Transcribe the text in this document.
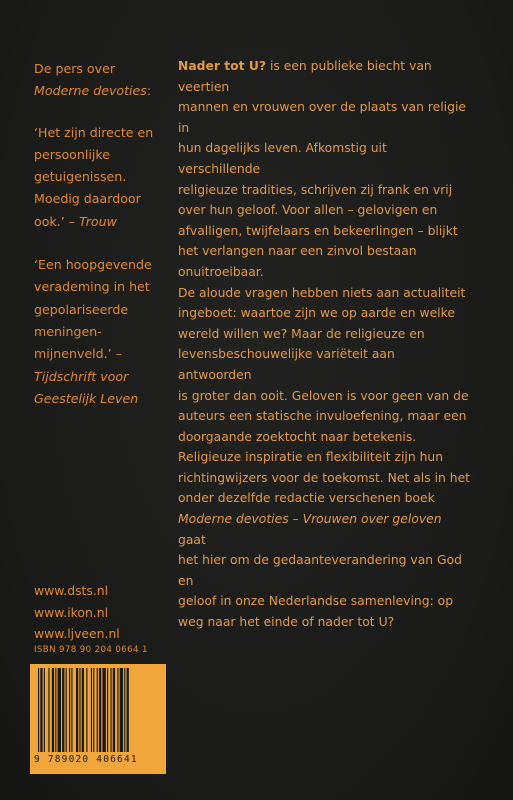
De pers over

Moderne devoties:

‘Het zijn directe en

persoonlijke

getuigenissen.

Moedig daardoor

ook.’ – Trouw

‘Een hoopgevende

verademing in het

gepolariseerde

meningen-

mijnenveld.’ –

Tijdschrift voor

Geestelijk Leven

Nader tot U? is een publieke biecht van veertien

mannen en vrouwen over de plaats van religie in

hun dagelijks leven. Afkomstig uit verschillende

religieuze tradities, schrijven zij frank en vrij

over hun geloof. Voor allen – gelovigen en

afvalligen, twijfelaars en bekeerlingen – blijkt

het verlangen naar een zinvol bestaan

onuitroeibaar.

De aloude vragen hebben niets aan actualiteit

ingeboet: waartoe zijn we op aarde en welke

wereld willen we? Maar de religieuze en

levensbeschouwelijke variëteit aan antwoorden

is groter dan ooit. Geloven is voor geen van de

auteurs een statische invuloefening, maar een

doorgaande zoektocht naar betekenis.

Religieuze inspiratie en flexibiliteit zijn hun

richtingwijzers voor de toekomst. Net als in het

onder dezelfde redactie verschenen boek

Moderne devoties – Vrouwen over geloven gaat

het hier om de gedaanteverandering van God en

geloof in onze Nederlandse samenleving: op

weg naar het einde of nader tot U?

www.dsts.nl
www.ikon.nl
www.ljveen.nl
ISBN 978 90 204 0664 1
9 789020 406641
